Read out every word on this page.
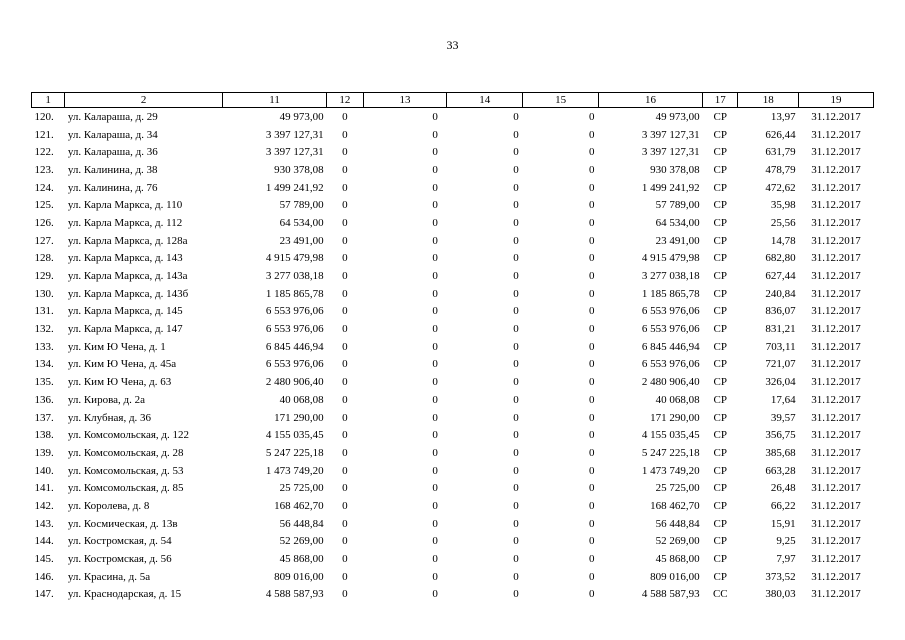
33
1	2	11	12	13	14	15	16	17	18	19
120.	ул. Калараша, д. 29	49 973,00	0	0	0	0	49 973,00	СР	13,97	31.12.2017
121.	ул. Калараша, д. 34	3 397 127,31	0	0	0	0	3 397 127,31	СР	626,44	31.12.2017
122.	ул. Калараша, д. 36	3 397 127,31	0	0	0	0	3 397 127,31	СР	631,79	31.12.2017
123.	ул. Калинина, д. 38	930 378,08	0	0	0	0	930 378,08	СР	478,79	31.12.2017
124.	ул. Калинина, д. 76	1 499 241,92	0	0	0	0	1 499 241,92	СР	472,62	31.12.2017
125.	ул. Карла Маркса, д. 110	57 789,00	0	0	0	0	57 789,00	СР	35,98	31.12.2017
126.	ул. Карла Маркса, д. 112	64 534,00	0	0	0	0	64 534,00	СР	25,56	31.12.2017
127.	ул. Карла Маркса, д. 128а	23 491,00	0	0	0	0	23 491,00	СР	14,78	31.12.2017
128.	ул. Карла Маркса, д. 143	4 915 479,98	0	0	0	0	4 915 479,98	СР	682,80	31.12.2017
129.	ул. Карла Маркса, д. 143а	3 277 038,18	0	0	0	0	3 277 038,18	СР	627,44	31.12.2017
130.	ул. Карла Маркса, д. 143б	1 185 865,78	0	0	0	0	1 185 865,78	СР	240,84	31.12.2017
131.	ул. Карла Маркса, д. 145	6 553 976,06	0	0	0	0	6 553 976,06	СР	836,07	31.12.2017
132.	ул. Карла Маркса, д. 147	6 553 976,06	0	0	0	0	6 553 976,06	СР	831,21	31.12.2017
133.	ул. Ким Ю Чена, д. 1	6 845 446,94	0	0	0	0	6 845 446,94	СР	703,11	31.12.2017
134.	ул. Ким Ю Чена, д. 45а	6 553 976,06	0	0	0	0	6 553 976,06	СР	721,07	31.12.2017
135.	ул. Ким Ю Чена, д. 63	2 480 906,40	0	0	0	0	2 480 906,40	СР	326,04	31.12.2017
136.	ул. Кирова, д. 2а	40 068,08	0	0	0	0	40 068,08	СР	17,64	31.12.2017
137.	ул. Клубная, д. 36	171 290,00	0	0	0	0	171 290,00	СР	39,57	31.12.2017
138.	ул. Комсомольская, д. 122	4 155 035,45	0	0	0	0	4 155 035,45	СР	356,75	31.12.2017
139.	ул. Комсомольская, д. 28	5 247 225,18	0	0	0	0	5 247 225,18	СР	385,68	31.12.2017
140.	ул. Комсомольская, д. 53	1 473 749,20	0	0	0	0	1 473 749,20	СР	663,28	31.12.2017
141.	ул. Комсомольская, д. 85	25 725,00	0	0	0	0	25 725,00	СР	26,48	31.12.2017
142.	ул. Королева, д. 8	168 462,70	0	0	0	0	168 462,70	СР	66,22	31.12.2017
143.	ул. Космическая, д. 13в	56 448,84	0	0	0	0	56 448,84	СР	15,91	31.12.2017
144.	ул. Костромская, д. 54	52 269,00	0	0	0	0	52 269,00	СР	9,25	31.12.2017
145.	ул. Костромская, д. 56	45 868,00	0	0	0	0	45 868,00	СР	7,97	31.12.2017
146.	ул. Красина, д. 5а	809 016,00	0	0	0	0	809 016,00	СР	373,52	31.12.2017
147.	ул. Краснодарская, д. 15	4 588 587,93	0	0	0	0	4 588 587,93	СС	380,03	31.12.2017
